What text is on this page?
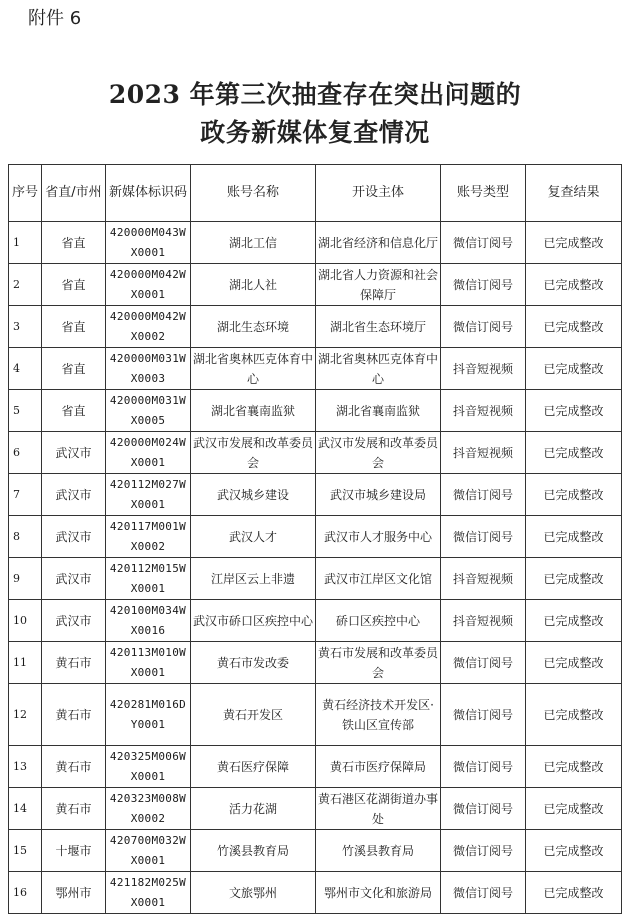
附件 6
2023 年第三次抽查存在突出问题的
政务新媒体复查情况
序号	省直/市州	新媒体标识码	账号名称	开设主体	账号类型	复查结果
1	省直	420000M043WX0001	湖北工信	湖北省经济和信息化厅	微信订阅号	已完成整改
2	省直	420000M042WX0001	湖北人社	湖北省人力资源和社会保障厅	微信订阅号	已完成整改
3	省直	420000M042WX0002	湖北生态环境	湖北省生态环境厅	微信订阅号	已完成整改
4	省直	420000M031WX0003	湖北省奥林匹克体育中心	湖北省奥林匹克体育中心	抖音短视频	已完成整改
5	省直	420000M031WX0005	湖北省襄南监狱	湖北省襄南监狱	抖音短视频	已完成整改
6	武汉市	420000M024WX0001	武汉市发展和改革委员会	武汉市发展和改革委员会	抖音短视频	已完成整改
7	武汉市	420112M027WX0001	武汉城乡建设	武汉市城乡建设局	微信订阅号	已完成整改
8	武汉市	420117M001WX0002	武汉人才	武汉市人才服务中心	微信订阅号	已完成整改
9	武汉市	420112M015WX0001	江岸区云上非遗	武汉市江岸区文化馆	抖音短视频	已完成整改
10	武汉市	420100M034WX0016	武汉市硚口区疾控中心	硚口区疾控中心	抖音短视频	已完成整改
11	黄石市	420113M010WX0001	黄石市发改委	黄石市发展和改革委员会	微信订阅号	已完成整改
12	黄石市	420281M016DY0001	黄石开发区	黄石经济技术开发区·铁山区宣传部	微信订阅号	已完成整改
13	黄石市	420325M006WX0001	黄石医疗保障	黄石市医疗保障局	微信订阅号	已完成整改
14	黄石市	420323M008WX0002	活力花湖	黄石港区花湖街道办事处	微信订阅号	已完成整改
15	十堰市	420700M032WX0001	竹溪县教育局	竹溪县教育局	微信订阅号	已完成整改
16	鄂州市	421182M025WX0001	文旅鄂州	鄂州市文化和旅游局	微信订阅号	已完成整改
